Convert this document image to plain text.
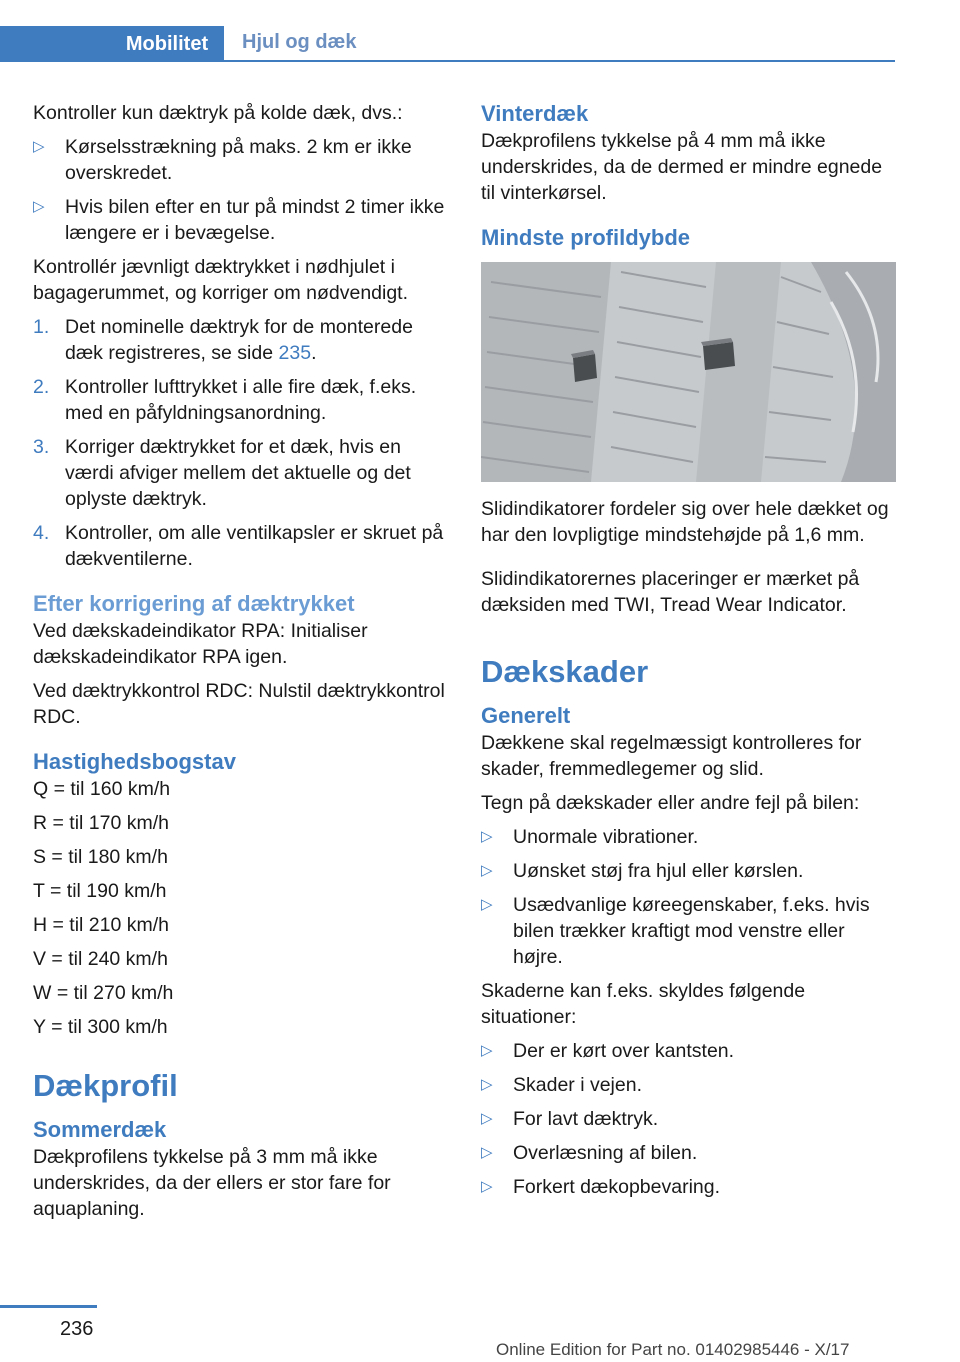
Mobilitet	Hjul og dæk

Kontroller kun dæktryk på kolde dæk, dvs.:

▷	Kørselsstrækning på maks. 2 km er ikke overskredet.
▷	Hvis bilen efter en tur på mindst 2 timer ikke længere er i bevægelse.

Kontrollér jævnligt dæktrykket i nødhjulet i bagagerummet, og korriger om nødvendigt.

1. Det nominelle dæktryk for de monterede dæk registreres, se side 235.
2. Kontroller lufttrykket i alle fire dæk, f.eks. med en påfyldningsanordning.
3. Korriger dæktrykket for et dæk, hvis en værdi afviger mellem det aktuelle og det oplyste dæktryk.
4. Kontroller, om alle ventilkapsler er skruet på dækventilerne.
Efter korrigering af dæktrykket

Ved dækskadeindikator RPA: Initialiser dækskadeindikator RPA igen.

Ved dæktrykkontrol RDC: Nulstil dæktrykkontrol RDC.

Hastighedsbogstav

Q = til 160 km/h

R = til 170 km/h

S = til 180 km/h

T = til 190 km/h

H = til 210 km/h

V = til 240 km/h

W = til 270 km/h

Y = til 300 km/h

Dækprofil
Sommerdæk

Dækprofilens tykkelse på 3 mm må ikke underskrides, da der ellers er stor fare for aquaplaning.

Vinterdæk

Dækprofilens tykkelse på 4 mm må ikke underskrides, da de dermed er mindre egnede til vinterkørsel.

Mindste profildybde

Slidindikatorer fordeler sig over hele dækket og har den lovpligtige mindstehøjde på 1,6 mm.

Slidindikatorernes placeringer er mærket på dæksiden med TWI, Tread Wear Indicator.

Dækskader
Generelt

Dækkene skal regelmæssigt kontrolleres for skader, fremmedlegemer og slid.

Tegn på dækskader eller andre fejl på bilen:

▷	Unormale vibrationer.
▷	Uønsket støj fra hjul eller kørslen.
▷	Usædvanlige køreegenskaber, f.eks. hvis bilen trækker kraftigt mod venstre eller højre.

Skaderne kan f.eks. skyldes følgende situationer:

▷	Der er kørt over kantsten.
▷	Skader i vejen.
▷	For lavt dæktryk.
▷	Overlæsning af bilen.
▷	Forkert dækopbevaring.
236
Online Edition for Part no. 01402985446 - X/17
